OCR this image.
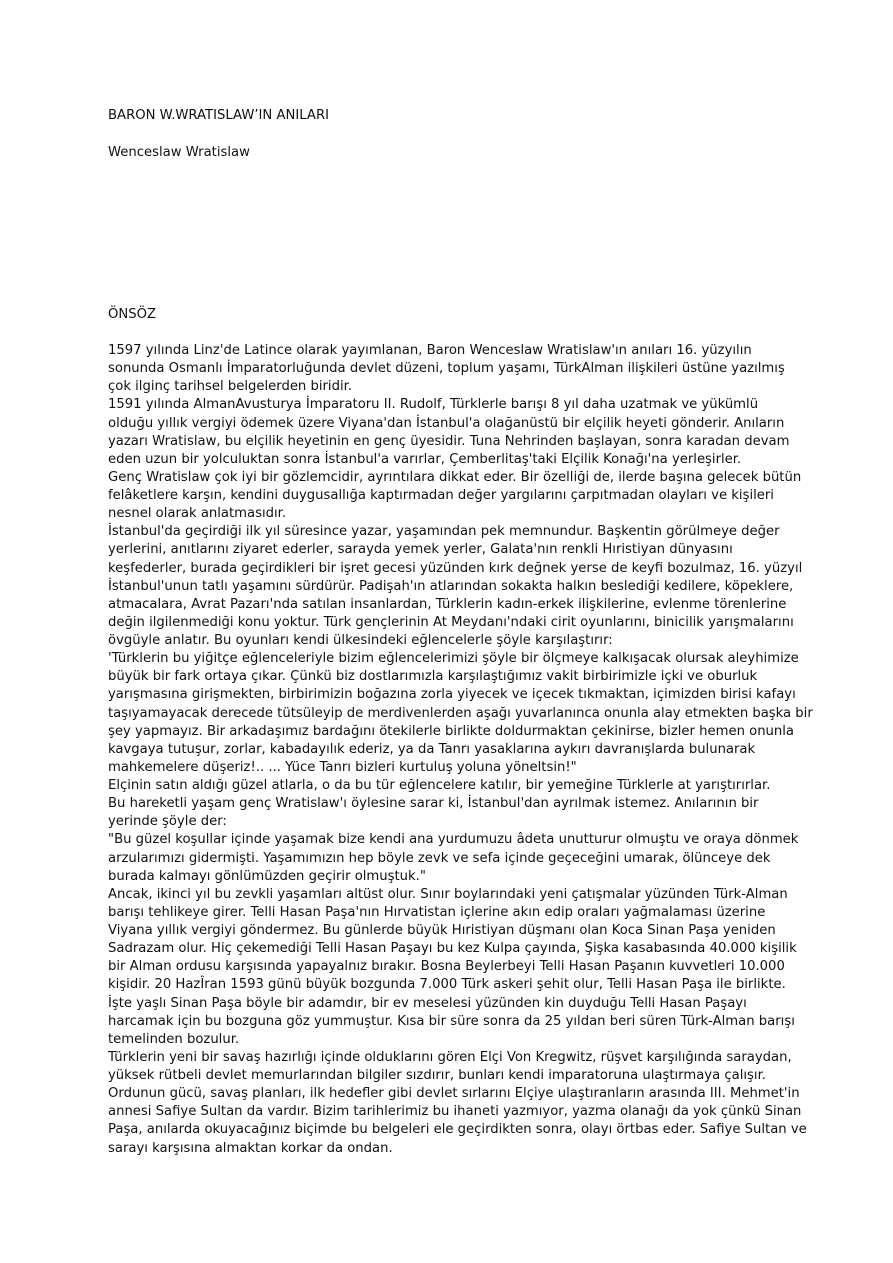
BARON W.WRATISLAW’IN ANILARI
Wenceslaw Wratislaw
ÖNSÖZ
1597 yılında Linz'de Latince olarak yayımlanan, Baron Wenceslaw Wratislaw'ın anıları 16. yüzyılın
sonunda Osmanlı İmparatorluğunda devlet düzeni, toplum yaşamı, TürkAlman ilişkileri üstüne yazılmış
çok ilginç tarihsel belgelerden biridir.
1591 yılında AlmanAvusturya İmparatoru II. Rudolf, Türklerle barışı 8 yıl daha uzatmak ve yükümlü
olduğu yıllık vergiyi ödemek üzere Viyana'dan İstanbul'a olağanüstü bir elçilik heyeti gönderir. Anıların
yazarı Wratislaw, bu elçilik heyetinin en genç üyesidir. Tuna Nehrinden başlayan, sonra karadan devam
eden uzun bir yolculuktan sonra İstanbul'a varırlar, Çemberlitaş'taki Elçilik Konağı'na yerleşirler.
Genç Wratislaw çok iyi bir gözlemcidir, ayrıntılara dikkat eder. Bir özelliği de, ilerde başına gelecek bütün
felâketlere karşın, kendini duygusallığa kaptırmadan değer yargılarını çarpıtmadan olayları ve kişileri
nesnel olarak anlatmasıdır.
İstanbul'da geçirdiği ilk yıl süresince yazar, yaşamından pek memnundur. Başkentin görülmeye değer
yerlerini, anıtlarını ziyaret ederler, sarayda yemek yerler, Galata'nın renkli Hıristiyan dünyasını
keşfederler, burada geçirdikleri bir işret gecesi yüzünden kırk değnek yerse de keyfi bozulmaz, 16. yüzyıl
İstanbul'unun tatlı yaşamını sürdürür. Padişah'ın atlarından sokakta halkın beslediği kedilere, köpeklere,
atmacalara, Avrat Pazarı'nda satılan insanlardan, Türklerin kadın-erkek ilişkilerine, evlenme törenlerine
değin ilgilenmediği konu yoktur. Türk gençlerinin At Meydanı'ndaki cirit oyunlarını, binicilik yarışmalarını
övgüyle anlatır. Bu oyunları kendi ülkesindeki eğlencelerle şöyle karşılaştırır:
'Türklerin bu yiğitçe eğlenceleriyle bizim eğlencelerimizi şöyle bir ölçmeye kalkışacak olursak aleyhimize
büyük bir fark ortaya çıkar. Çünkü biz dostlarımızla karşılaştığımız vakit birbirimizle içki ve oburluk
yarışmasına girişmekten, birbirimizin boğazına zorla yiyecek ve içecek tıkmaktan, içimizden birisi kafayı
taşıyamayacak derecede tütsüleyip de merdivenlerden aşağı yuvarlanınca onunla alay etmekten başka bir
şey yapmayız. Bir arkadaşımız bardağını ötekilerle birlikte doldurmaktan çekinirse, bizler hemen onunla
kavgaya tutuşur, zorlar, kabadayılık ederiz, ya da Tanrı yasaklarına aykırı davranışlarda bulunarak
mahkemelere düşeriz!.. ... Yüce Tanrı bizleri kurtuluş yoluna yöneltsin!"
Elçinin satın aldığı güzel atlarla, o da bu tür eğlencelere katılır, bir yemeğine Türklerle at yarıştırırlar.
Bu hareketli yaşam genç Wratislaw'ı öylesine sarar ki, İstanbul'dan ayrılmak istemez. Anılarının bir
yerinde şöyle der:
"Bu güzel koşullar içinde yaşamak bize kendi ana yurdumuzu âdeta unutturur olmuştu ve oraya dönmek
arzularımızı gidermişti. Yaşamımızın hep böyle zevk ve sefa içinde geçeceğini umarak, ölünceye dek
burada kalmayı gönlümüzden geçirir olmuştuk."
Ancak, ikinci yıl bu zevkli yaşamları altüst olur. Sınır boylarındaki yeni çatışmalar yüzünden Türk-Alman
barışı tehlikeye girer. Telli Hasan Paşa'nın Hırvatistan içlerine akın edip oraları yağmalaması üzerine
Viyana yıllık vergiyi göndermez. Bu günlerde büyük Hıristiyan düşmanı olan Koca Sinan Paşa yeniden
Sadrazam olur. Hiç çekemediği Telli Hasan Paşayı bu kez Kulpa çayında, Şişka kasabasında 40.000 kişilik
bir Alman ordusu karşısında yapayalnız bırakır. Bosna Beylerbeyi Telli Hasan Paşanın kuvvetleri 10.000
kişidir. 20 HazÎran 1593 günü büyük bozgunda 7.000 Türk askeri şehit olur, Telli Hasan Paşa ile birlikte.
İşte yaşlı Sinan Paşa böyle bir adamdır, bir ev meselesi yüzünden kin duyduğu Telli Hasan Paşayı
harcamak için bu bozguna göz yummuştur. Kısa bir süre sonra da 25 yıldan beri süren Türk-Alman barışı
temelinden bozulur.
Türklerin yeni bir savaş hazırlığı içinde olduklarını gören Elçi Von Kregwitz, rüşvet karşılığında saraydan,
yüksek rütbeli devlet memurlarından bilgiler sızdırır, bunları kendi imparatoruna ulaştırmaya çalışır.
Ordunun gücü, savaş planları, ilk hedefler gibi devlet sırlarını Elçiye ulaştıranların arasında III. Mehmet'in
annesi Safiye Sultan da vardır. Bizim tarihlerimiz bu ihaneti yazmıyor, yazma olanağı da yok çünkü Sinan
Paşa, anılarda okuyacağınız biçimde bu belgeleri ele geçirdikten sonra, olayı örtbas eder. Safiye Sultan ve
sarayı karşısına almaktan korkar da ondan.
